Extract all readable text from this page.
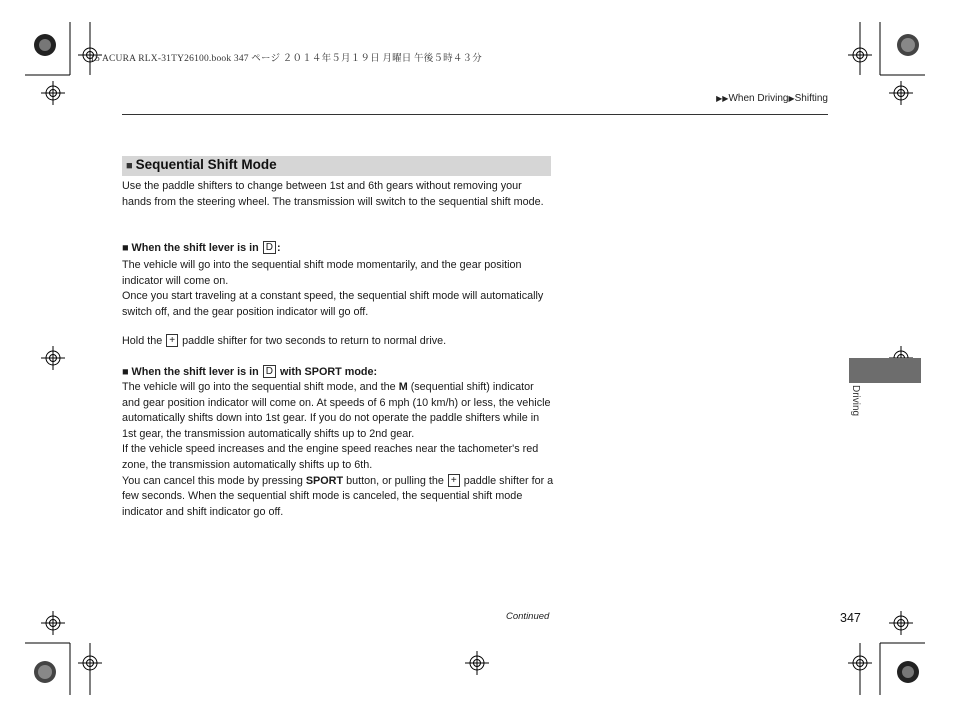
15 ACURA RLX-31TY26100.book 347 ページ ２０１４年５月１９日 月曜日 午後５時４３分
▶▶When Driving▶Shifting
■ Sequential Shift Mode

Use the paddle shifters to change between 1st and 6th gears without removing your hands from the steering wheel. The transmission will switch to the sequential shift mode.

■ When the shift lever is in D :

The vehicle will go into the sequential shift mode momentarily, and the gear position indicator will come on.

Once you start traveling at a constant speed, the sequential shift mode will automatically switch off, and the gear position indicator will go off.

Hold the + paddle shifter for two seconds to return to normal drive.

■ When the shift lever is in D with SPORT mode:

The vehicle will go into the sequential shift mode, and the M (sequential shift) indicator and gear position indicator will come on. At speeds of 6 mph (10 km/h) or less, the vehicle automatically shifts down into 1st gear. If you do not operate the paddle shifters while in 1st gear, the transmission automatically shifts up to 2nd gear.

If the vehicle speed increases and the engine speed reaches near the tachometer's red zone, the transmission automatically shifts up to 6th.

You can cancel this mode by pressing SPORT button, or pulling the + paddle shifter for a few seconds. When the sequential shift mode is canceled, the sequential shift mode indicator and shift indicator go off.

Driving
Continued	347
